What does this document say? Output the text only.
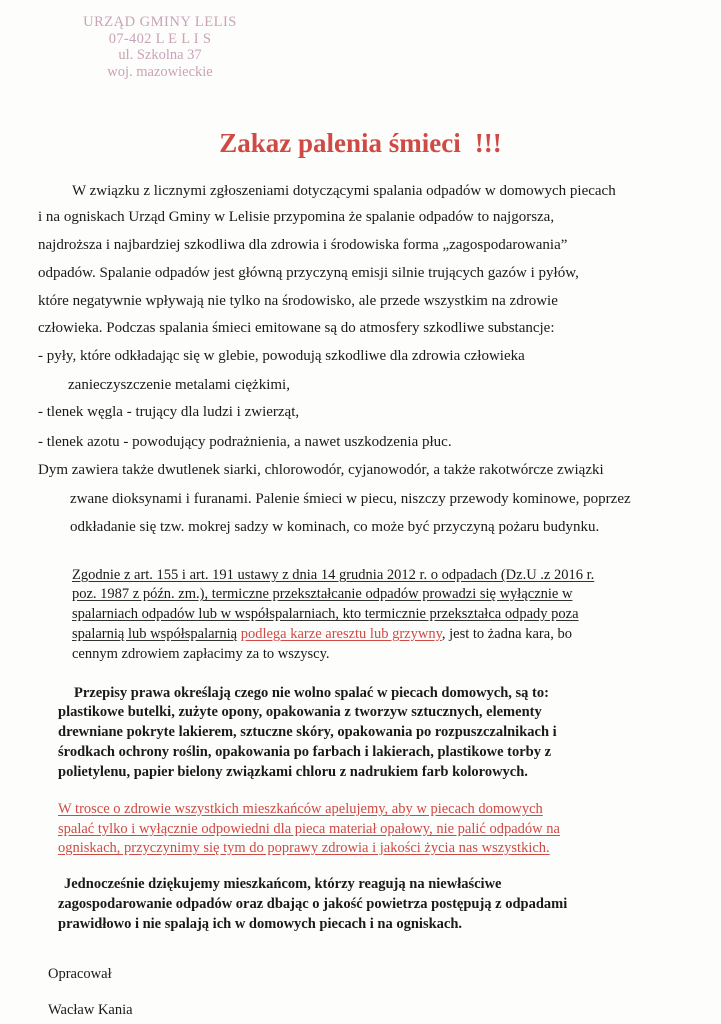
URZĄD GMINY LELIS
07-402 L E L I S
ul. Szkolna 37
woj. mazowieckie
Zakaz palenia śmieci !!!
W związku z licznymi zgłoszeniami dotyczącymi spalania odpadów w domowych piecach
i na ogniskach Urząd Gminy w Lelisie przypomina że spalanie odpadów to najgorsza,
najdroższa i najbardziej szkodliwa dla zdrowia i środowiska forma „zagospodarowania”
odpadów. Spalanie odpadów jest główną przyczyną emisji silnie trujących gazów i pyłów,
które negatywnie wpływają nie tylko na środowisko, ale przede wszystkim na zdrowie
człowieka. Podczas spalania śmieci emitowane są do atmosfery szkodliwe substancje:
- pyły, które odkładając się w glebie, powodują szkodliwe dla zdrowia człowieka
zanieczyszczenie metalami ciężkimi,
- tlenek węgla - trujący dla ludzi i zwierząt,
- tlenek azotu - powodujący podrażnienia, a nawet uszkodzenia płuc.
Dym zawiera także dwutlenek siarki, chlorowodór, cyjanowodór, a także rakotwórcze związki
zwane dioksynami i furanami. Palenie śmieci w piecu, niszczy przewody kominowe, poprzez
odkładanie się tzw. mokrej sadzy w kominach, co może być przyczyną pożaru budynku.
Zgodnie z art. 155 i art. 191 ustawy z dnia 14 grudnia 2012 r. o odpadach (Dz.U .z 2016 r.
poz. 1987 z późn. zm.), termiczne przekształcanie odpadów prowadzi się wyłącznie w
spalarniach odpadów lub w współspalarniach, kto termicznie przekształca odpady poza
spalarnią lub współspalarnią podlega karze aresztu lub grzywny, jest to żadna kara, bo
cennym zdrowiem zapłacimy za to wszyscy.
Przepisy prawa określają czego nie wolno spalać w piecach domowych, są to:
plastikowe butelki, zużyte opony, opakowania z tworzyw sztucznych, elementy
drewniane pokryte lakierem, sztuczne skóry, opakowania po rozpuszczalnikach i
środkach ochrony roślin, opakowania po farbach i lakierach, plastikowe torby z
polietylenu, papier bielony związkami chloru z nadrukiem farb kolorowych.
W trosce o zdrowie wszystkich mieszkańców apelujemy, aby w piecach domowych
spalać tylko i wyłącznie odpowiedni dla pieca materiał opałowy, nie palić odpadów na
ogniskach, przyczynimy się tym do poprawy zdrowia i jakości życia nas wszystkich.
Jednocześnie dziękujemy mieszkańcom, którzy reagują na niewłaściwe
zagospodarowanie odpadów oraz dbając o jakość powietrza postępują z odpadami
prawidłowo i nie spalają ich w domowych piecach i na ogniskach.
Opracował
Wacław Kania
